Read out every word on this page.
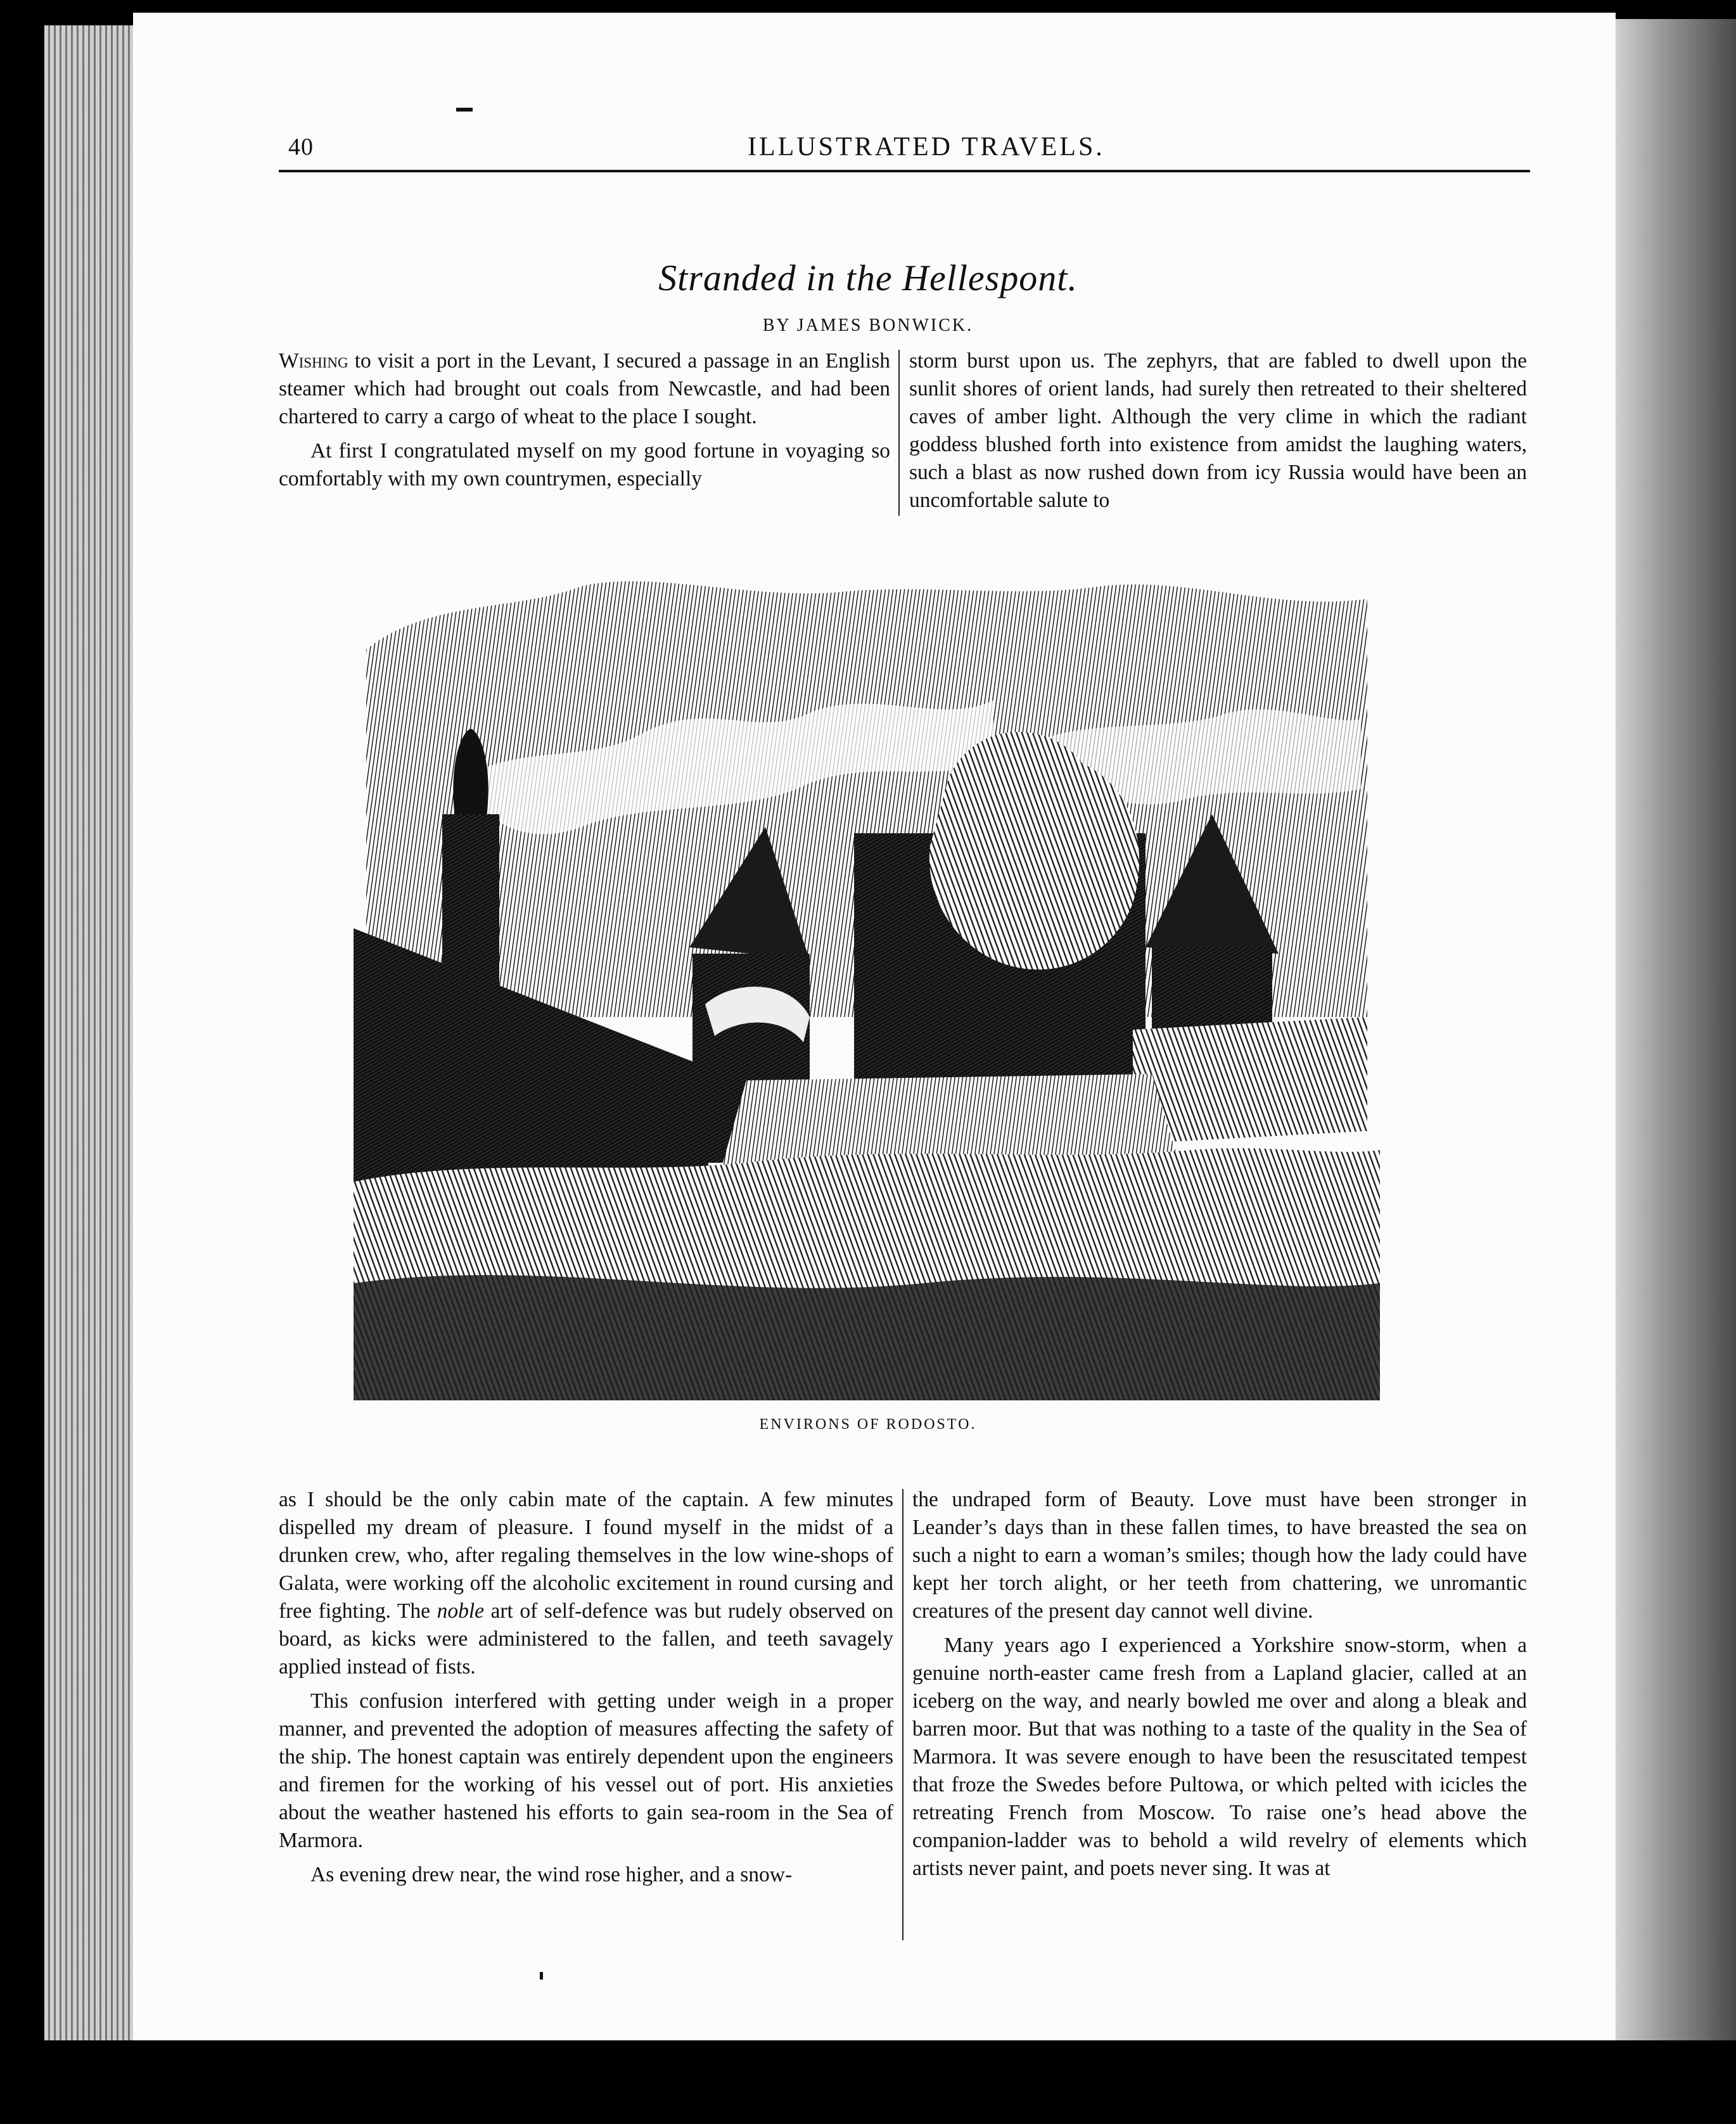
40	ILLUSTRATED TRAVELS.
Stranded in the Hellespont.
BY JAMES BONWICK.

Wishing to visit a port in the Levant, I secured a passage in an English steamer which had brought out coals from Newcastle, and had been chartered to carry a cargo of wheat to the place I sought.

At first I congratulated myself on my good fortune in voyaging so comfortably with my own countrymen, especially

storm burst upon us. The zephyrs, that are fabled to dwell upon the sunlit shores of orient lands, had surely then retreated to their sheltered caves of amber light. Although the very clime in which the radiant goddess blushed forth into existence from amidst the laughing waters, such a blast as now rushed down from icy Russia would have been an uncomfortable salute to

ENVIRONS OF RODOSTO.

as I should be the only cabin mate of the captain. A few minutes dispelled my dream of pleasure. I found myself in the midst of a drunken crew, who, after regaling themselves in the low wine-shops of Galata, were working off the alcoholic excitement in round cursing and free fighting. The noble art of self-defence was but rudely observed on board, as kicks were administered to the fallen, and teeth savagely applied instead of fists.

This confusion interfered with getting under weigh in a proper manner, and prevented the adoption of measures affecting the safety of the ship. The honest captain was entirely dependent upon the engineers and firemen for the working of his vessel out of port. His anxieties about the weather hastened his efforts to gain sea-room in the Sea of Marmora.

As evening drew near, the wind rose higher, and a snow-

the undraped form of Beauty. Love must have been stronger in Leander’s days than in these fallen times, to have breasted the sea on such a night to earn a woman’s smiles; though how the lady could have kept her torch alight, or her teeth from chattering, we unromantic creatures of the present day cannot well divine.

Many years ago I experienced a Yorkshire snow-storm, when a genuine north-easter came fresh from a Lapland glacier, called at an iceberg on the way, and nearly bowled me over and along a bleak and barren moor. But that was nothing to a taste of the quality in the Sea of Marmora. It was severe enough to have been the resuscitated tempest that froze the Swedes before Pultowa, or which pelted with icicles the retreating French from Moscow. To raise one’s head above the companion-ladder was to behold a wild revelry of elements which artists never paint, and poets never sing. It was at
